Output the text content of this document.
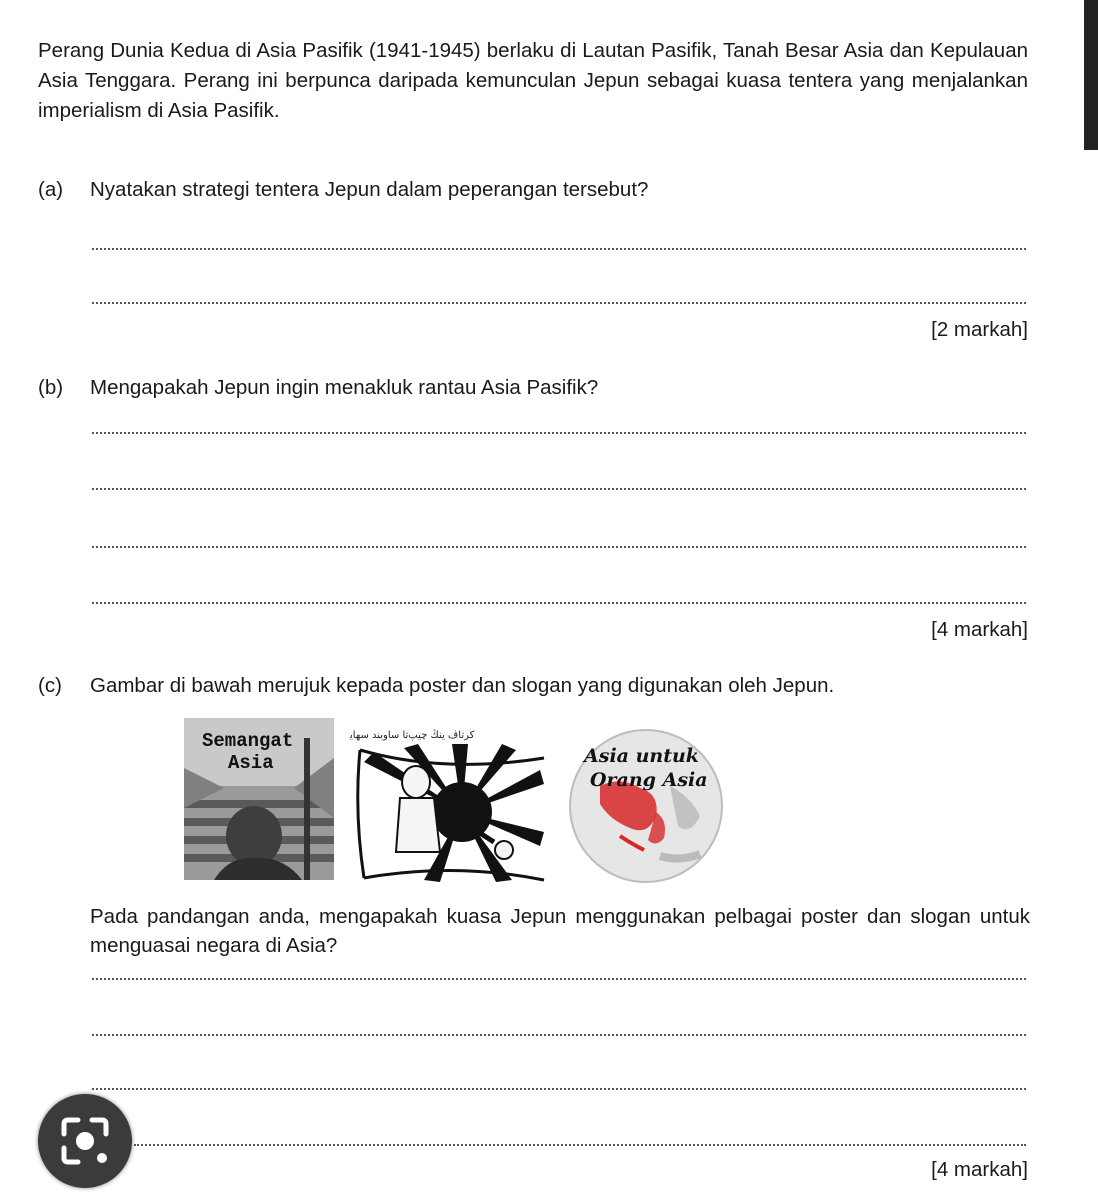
Perang Dunia Kedua di Asia Pasifik (1941-1945) berlaku di Lautan Pasifik, Tanah Besar Asia dan Kepulauan Asia Tenggara. Perang ini berpunca daripada kemunculan Jepun sebagai kuasa tentera yang menjalankan imperialism di Asia Pasifik.
(a) Nyatakan strategi tentera Jepun dalam peperangan tersebut?
[2 markah]
(b) Mengapakah Jepun ingin menakluk rantau Asia Pasifik?
[4 markah]
(c) Gambar di bawah merujuk kepada poster dan slogan yang digunakan oleh Jepun.
Semangat
Asia
ﮐﺮﺗﺎڤ ﻳﻨﯔ ﭼﯿﭗتا ﺳﺎوﺑﻨﺪ ﺳﻬﺎﻳ
Asia untuk
Orang Asia
Pada pandangan anda, mengapakah kuasa Jepun menggunakan pelbagai poster dan slogan untuk menguasai negara di Asia?
[4 markah]
